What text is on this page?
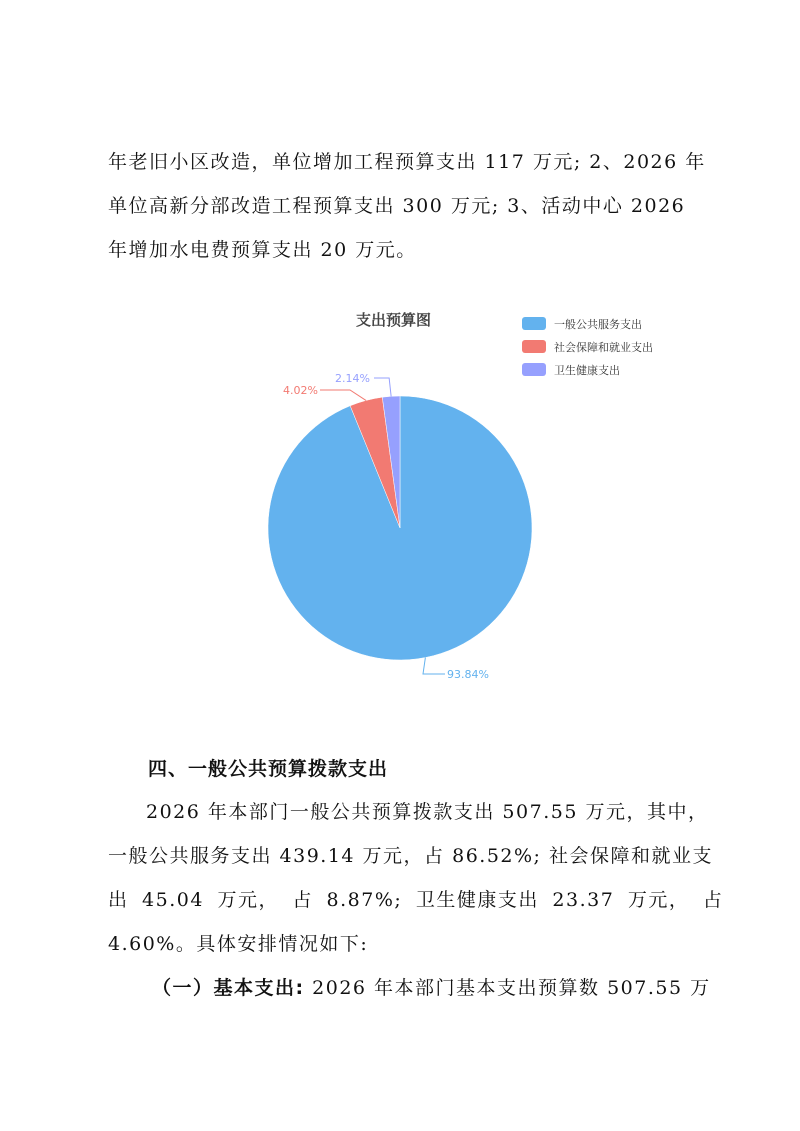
年老旧小区改造，单位增加工程预算支出 117 万元; 2、2026 年
单位高新分部改造工程预算支出 300 万元; 3、活动中心 2026
年增加水电费预算支出 20 万元。
支出预算图	一般公共服务支出
社会保障和就业支出
卫生健康支出
93.84%
4.02%
2.14%
四、一般公共预算拨款支出
2026 年本部门一般公共预算拨款支出 507.55 万元，其中，
一般公共服务支出 439.14 万元，占 86.52%; 社会保障和就业支
出 45.04 万元， 占 8.87%; 卫生健康支出 23.37 万元， 占
4.60%。具体安排情况如下:
（一）基本支出: 2026 年本部门基本支出预算数 507.55 万
